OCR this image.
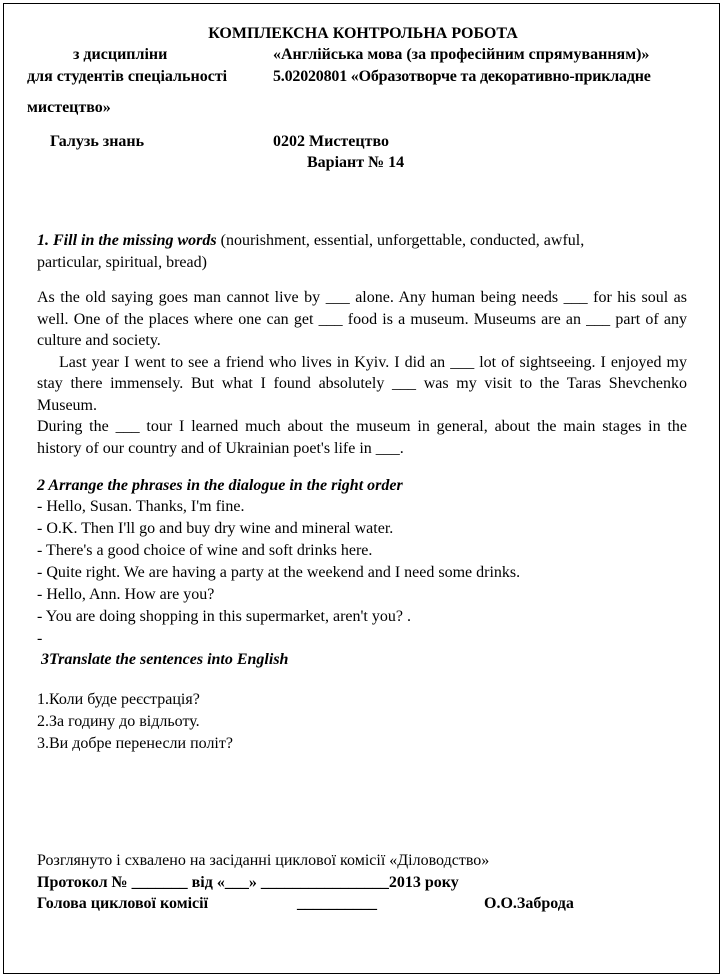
КОМПЛЕКСНА КОНТРОЛЬНА РОБОТА
з дисципліни	«Англійська мова (за професійним спрямуванням)»
для студентів спеціальності	5.02020801 «Образотворче та декоративно-прикладне
мистецтво»
Галузь знань	0202 Мистецтво
Варіант № 14
1. Fill in the missing words (nourishment, essential, unforgettable, conducted, awful,
particular, spiritual, bread)
As the old saying goes man cannot live by ___ alone. Any human being needs ___ for his soul as well. One of the places where one can get ___ food is a museum. Museums are an ___ part of any culture and society.
Last year I went to see a friend who lives in Kyiv. I did an ___ lot of sightseeing. I enjoyed my stay there immensely. But what I found absolutely ___ was my visit to the Taras Shevchenko Museum.
During the ___ tour I learned much about the museum in general, about the main stages in the history of our country and of Ukrainian poet's life in ___.
2 Arrange the phrases in the dialogue in the right order
- Hello, Susan. Thanks, I'm fine.
- O.K. Then I'll go and buy dry wine and mineral water.
- There's a good choice of wine and soft drinks here.
- Quite right. We are having a party at the weekend and I need some drinks.
- Hello, Ann. How are you?
- You are doing shopping in this supermarket, aren't you? .
-
3Translate the sentences into English
1.Коли буде реєстрація?
2.За годину до відльоту.
3.Ви добре перенесли політ?
Розглянуто і схвалено на засіданні циклової комісії «Діловодство»
Протокол № _______ від «___» ________________2013 року
Голова циклової комісії	__________	О.О.Заброда
